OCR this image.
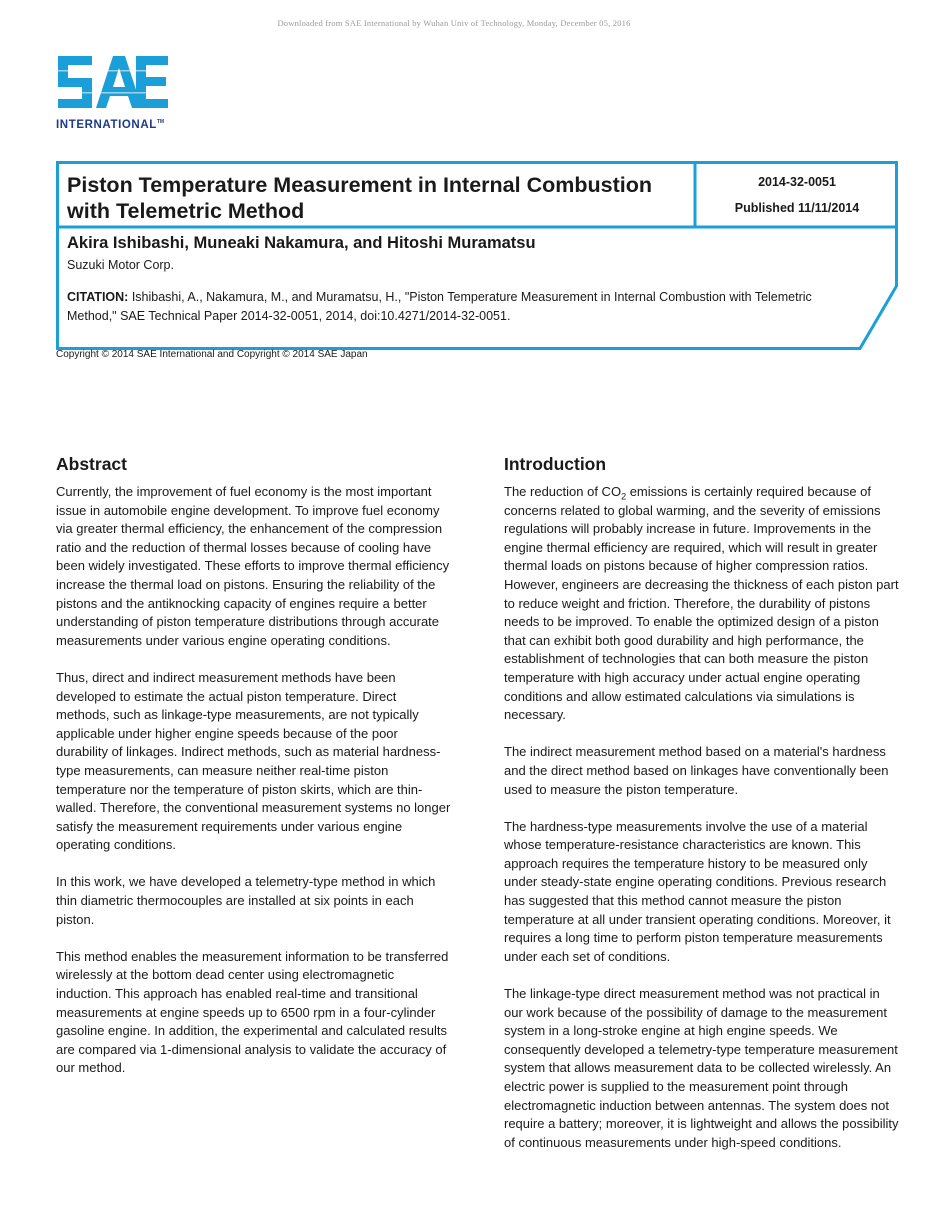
Downloaded from SAE International by Wuhan Univ of Technology, Monday, December 05, 2016
INTERNATIONAL™
Piston Temperature Measurement in Internal Combustion with Telemetric Method
2014-32-0051
Published 11/11/2014
Akira Ishibashi, Muneaki Nakamura, and Hitoshi Muramatsu
Suzuki Motor Corp.
CITATION: Ishibashi, A., Nakamura, M., and Muramatsu, H., "Piston Temperature Measurement in Internal Combustion with Telemetric Method," SAE Technical Paper 2014-32-0051, 2014, doi:10.4271/2014-32-0051.
Copyright © 2014 SAE International and Copyright © 2014 SAE Japan
Abstract

Currently, the improvement of fuel economy is the most important issue in automobile engine development. To improve fuel economy via greater thermal efficiency, the enhancement of the compression ratio and the reduction of thermal losses because of cooling have been widely investigated. These efforts to improve thermal efficiency increase the thermal load on pistons. Ensuring the reliability of the pistons and the antiknocking capacity of engines require a better understanding of piston temperature distributions through accurate measurements under various engine operating conditions.

Thus, direct and indirect measurement methods have been developed to estimate the actual piston temperature. Direct methods, such as linkage-type measurements, are not typically applicable under higher engine speeds because of the poor durability of linkages. Indirect methods, such as material hardness-type measurements, can measure neither real-time piston temperature nor the temperature of piston skirts, which are thin-walled. Therefore, the conventional measurement systems no longer satisfy the measurement requirements under various engine operating conditions.

In this work, we have developed a telemetry-type method in which thin diametric thermocouples are installed at six points in each piston.

This method enables the measurement information to be transferred wirelessly at the bottom dead center using electromagnetic induction. This approach has enabled real-time and transitional measurements at engine speeds up to 6500 rpm in a four-cylinder gasoline engine. In addition, the experimental and calculated results are compared via 1-dimensional analysis to validate the accuracy of our method.

Introduction

The reduction of $CO_2$ emissions is certainly required because of concerns related to global warming, and the severity of emissions regulations will probably increase in future. Improvements in the engine thermal efficiency are required, which will result in greater thermal loads on pistons because of higher compression ratios. However, engineers are decreasing the thickness of each piston part to reduce weight and friction. Therefore, the durability of pistons needs to be improved. To enable the optimized design of a piston that can exhibit both good durability and high performance, the establishment of technologies that can both measure the piston temperature with high accuracy under actual engine operating conditions and allow estimated calculations via simulations is necessary.

The indirect measurement method based on a material's hardness and the direct method based on linkages have conventionally been used to measure the piston temperature.

The hardness-type measurements involve the use of a material whose temperature-resistance characteristics are known. This approach requires the temperature history to be measured only under steady-state engine operating conditions. Previous research has suggested that this method cannot measure the piston temperature at all under transient operating conditions. Moreover, it requires a long time to perform piston temperature measurements under each set of conditions.

The linkage-type direct measurement method was not practical in our work because of the possibility of damage to the measurement system in a long-stroke engine at high engine speeds. We consequently developed a telemetry-type temperature measurement system that allows measurement data to be collected wirelessly. An electric power is supplied to the measurement point through electromagnetic induction between antennas. The system does not require a battery; moreover, it is lightweight and allows the possibility of continuous measurements under high-speed conditions.
